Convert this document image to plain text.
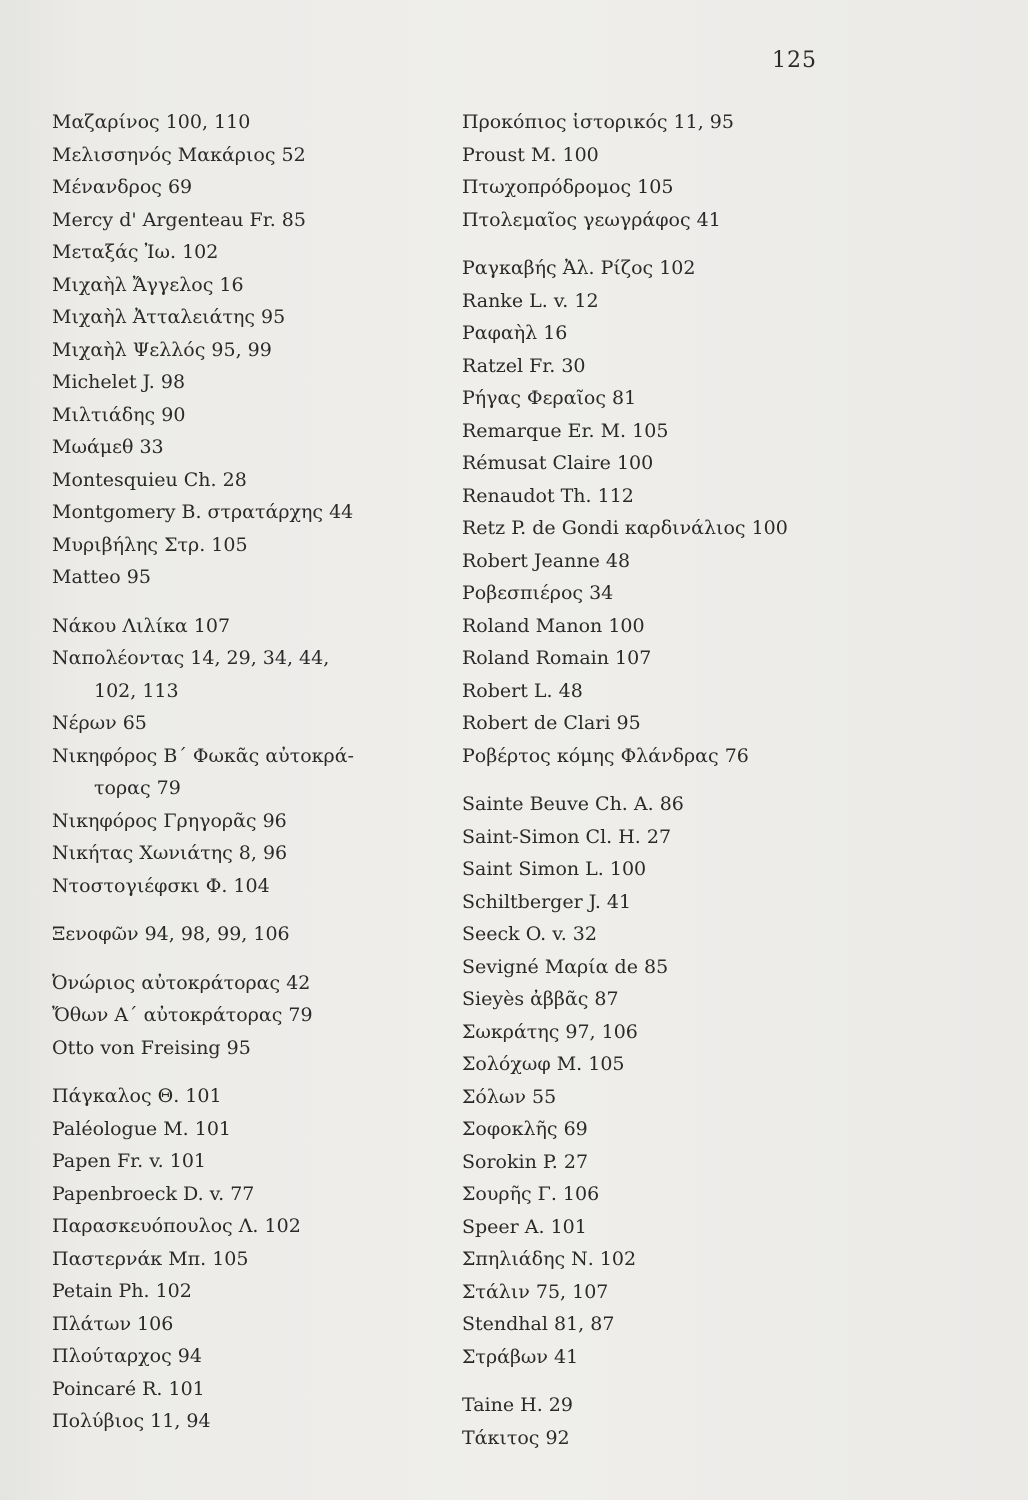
125
Μαζαρίνος 100, 110
Μελισσηνός Μακάριος 52
Μένανδρος 69
Mercy d' Argenteau Fr. 85
Μεταξάς Ἰω. 102
Μιχαὴλ Ἄγγελος 16
Μιχαὴλ Ἀτταλειάτης 95
Μιχαὴλ Ψελλός 95, 99
Michelet J. 98
Μιλτιάδης 90
Μωάμεθ 33
Montesquieu Ch. 28
Montgomery B. στρατάρχης 44
Μυριβήλης Στρ. 105
Matteo 95
Νάκου Λιλίκα 107
Ναπολέοντας 14, 29, 34, 44,
102, 113
Νέρων 65
Νικηφόρος Β΄ Φωκᾶς αὐτοκρά-
τορας 79
Νικηφόρος Γρηγορᾶς 96
Νικήτας Χωνιάτης 8, 96
Ντοστογιέφσκι Φ. 104
Ξενοφῶν 94, 98, 99, 106
Ὀνώριος αὐτοκράτορας 42
Ὄθων Α΄ αὐτοκράτορας 79
Otto von Freising 95
Πάγκαλος Θ. 101
Paléologue M. 101
Papen Fr. v. 101
Papenbroeck D. v. 77
Παρασκευόπουλος Λ. 102
Παστερνάκ Μπ. 105
Petain Ph. 102
Πλάτων 106
Πλούταρχος 94
Poincaré R. 101
Πολύβιος 11, 94
Προκόπιος ἱστορικός 11, 95
Proust M. 100
Πτωχοπρόδρομος 105
Πτολεμαῖος γεωγράφος 41
Ραγκαβής Ἀλ. Ρίζος 102
Ranke L. v. 12
Ραφαὴλ 16
Ratzel Fr. 30
Ρήγας Φεραῖος 81
Remarque Er. M. 105
Rémusat Claire 100
Renaudot Th. 112
Retz P. de Gondi καρδινάλιος 100
Robert Jeanne 48
Ροβεσπιέρος 34
Roland Manon 100
Roland Romain 107
Robert L. 48
Robert de Clari 95
Ροβέρτος κόμης Φλάνδρας 76
Sainte Beuve Ch. A. 86
Saint-Simon Cl. H. 27
Saint Simon L. 100
Schiltberger J. 41
Seeck O. v. 32
Sevigné Μαρία de 85
Sieyès ἀββᾶς 87
Σωκράτης 97, 106
Σολόχωφ Μ. 105
Σόλων 55
Σοφοκλῆς 69
Sorokin P. 27
Σουρῆς Γ. 106
Speer A. 101
Σπηλιάδης Ν. 102
Στάλιν 75, 107
Stendhal 81, 87
Στράβων 41
Taine H. 29
Τάκιτος 92
